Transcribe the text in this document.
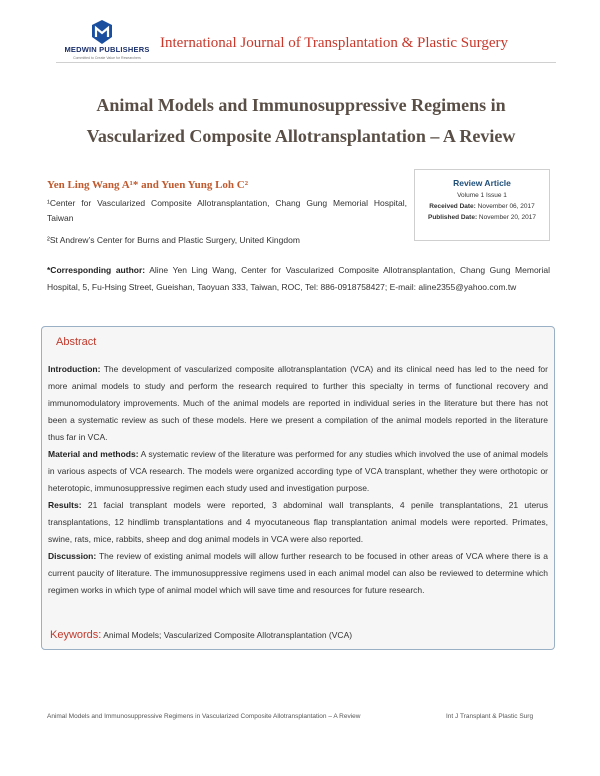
MEDWIN PUBLISHERS
Committed to Create Value for Researchers
International Journal of Transplantation & Plastic Surgery
Animal Models and Immunosuppressive Regimens in
Vascularized Composite Allotransplantation – A Review
Yen Ling Wang A¹* and Yuen Yung Loh C²
¹Center for Vascularized Composite Allotransplantation, Chang Gung Memorial Hospital, Taiwan
²St Andrew’s Center for Burns and Plastic Surgery, United Kingdom
Review Article
Volume 1 Issue 1
Received Date: November 06, 2017
Published Date: November 20, 2017
*Corresponding author: Aline Yen Ling Wang, Center for Vascularized Composite Allotransplantation, Chang Gung Memorial Hospital, 5, Fu-Hsing Street, Gueishan, Taoyuan 333, Taiwan, ROC, Tel: 886-0918758427; E-mail: aline2355@yahoo.com.tw
Abstract

Introduction: The development of vascularized composite allotransplantation (VCA) and its clinical need has led to the need for more animal models to study and perform the research required to further this specialty in terms of functional recovery and immunomodulatory improvements. Much of the animal models are reported in individual series in the literature but there has not been a systematic review as such of these models. Here we present a compilation of the animal models reported in the literature thus far in VCA.

Material and methods: A systematic review of the literature was performed for any studies which involved the use of animal models in various aspects of VCA research. The models were organized according type of VCA transplant, whether they were orthotopic or heterotopic, immunosuppressive regimen each study used and investigation purpose.

Results: 21 facial transplant models were reported, 3 abdominal wall transplants, 4 penile transplantations, 21 uterus transplantations, 12 hindlimb transplantations and 4 myocutaneous flap transplantation animal models were reported. Primates, swine, rats, mice, rabbits, sheep and dog animal models in VCA were also reported.

Discussion: The review of existing animal models will allow further research to be focused in other areas of VCA where there is a current paucity of literature. The immunosuppressive regimens used in each animal model can also be reviewed to determine which regimen works in which type of animal model which will save time and resources for future research.

Keywords: Animal Models; Vascularized Composite Allotransplantation (VCA)
Animal Models and Immunosuppressive Regimens in Vascularized Composite Allotransplantation – A Review	Int J Transplant & Plastic Surg
